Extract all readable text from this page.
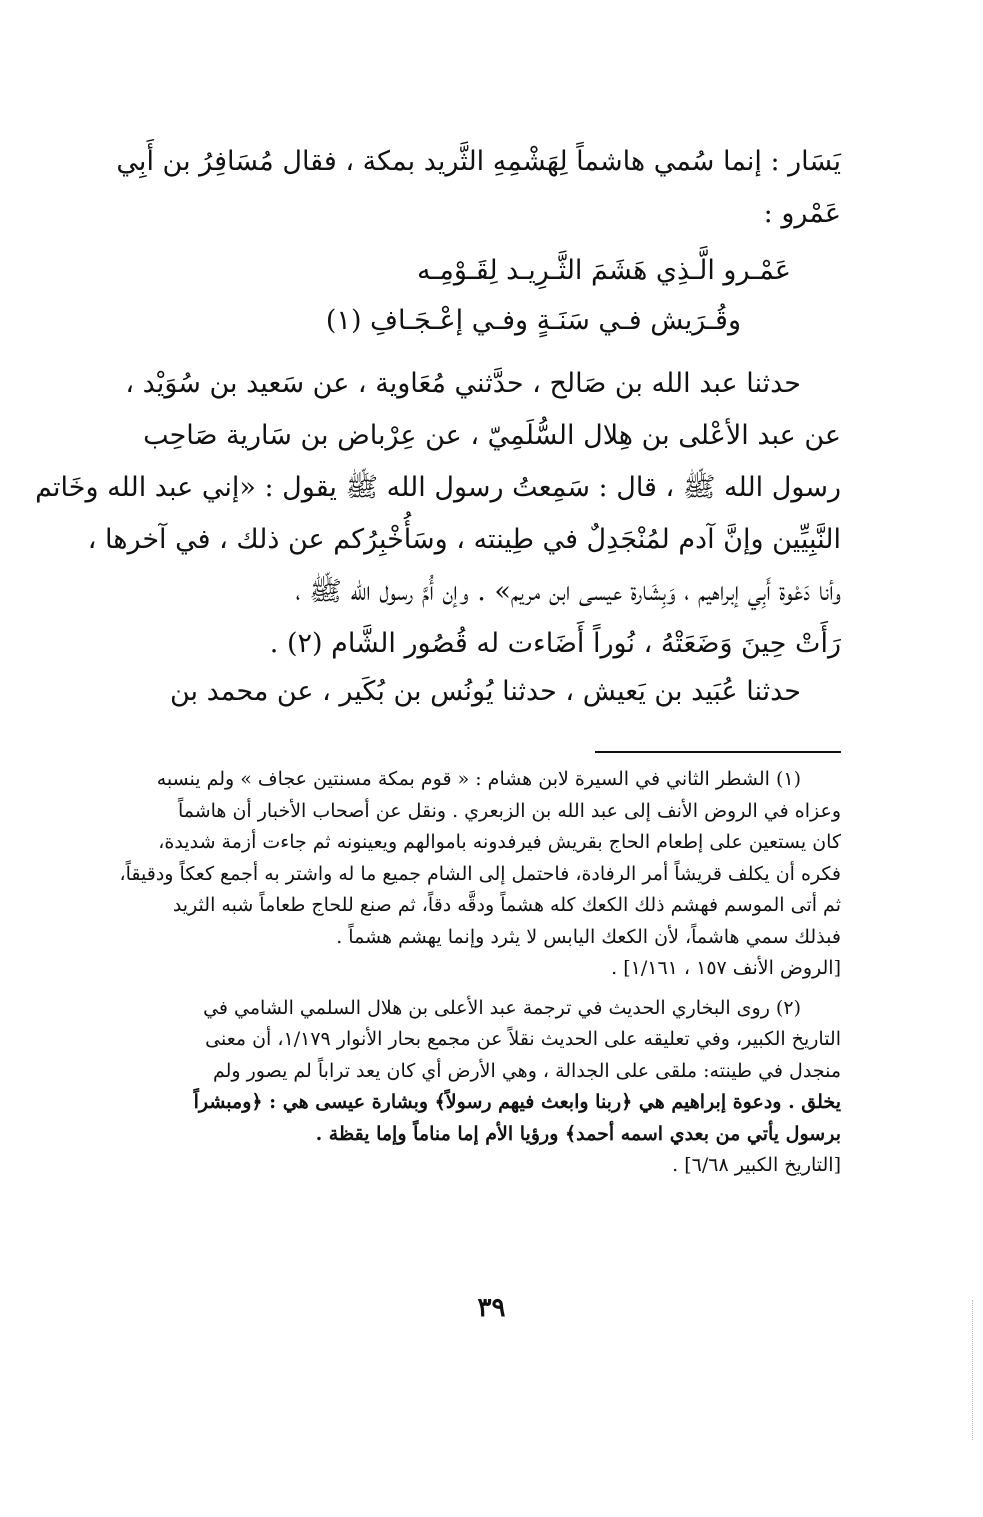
يَسَار : إنما سُمي هاشماً لِهَشْمِهِ الثَّريد بمكة ، فقال مُسَافِرُ بن أَبِي
عَمْرو :
عَمْـرو الَّـذِي هَشَمَ الثَّـرِيـد لِقَـوْمِـه
وقُـرَيش فـي سَنَـةٍ وفـي إعْـجَـافِ (١)
حدثنا عبد الله بن صَالح ، حدَّثني مُعَاوية ، عن سَعيد بن سُوَيْد ،
عن عبد الأعْلى بن هِلال السُّلَمِيّ ، عن عِرْباض بن سَارية صَاحِب
رسول الله ﷺ ، قال : سَمِعتُ رسول الله ﷺ يقول : «إني عبد الله وخَاتم
النَّبِيِّين وإنَّ آدم لمُنْجَدِلٌ في طِينته ، وسَأُخْبِرُكم عن ذلك ، في آخرها ،
وأنا دَعْوة أَبِي إبراهيم ، وَبِشَارة عيسى ابن مريم» . وإن أُمَّ رسول الله ﷺ ،
رَأَتْ حِينَ وَضَعَتْهُ ، نُوراً أَضَاءت له قُصُور الشَّام (٢) .
حدثنا عُبَيد بن يَعيش ، حدثنا يُونُس بن بُكَير ، عن محمد بن
(١) الشطر الثاني في السيرة لابن هشام : « قوم بمكة مسنتين عجاف » ولم ينسبه
وعزاه في الروض الأنف إلى عبد الله بن الزبعري . ونقل عن أصحاب الأخبار أن هاشماً
كان يستعين على إطعام الحاج بقريش فيرفدونه باموالهم ويعينونه ثم جاءت أزمة شديدة،
فكره أن يكلف قريشاً أمر الرفادة، فاحتمل إلى الشام جميع ما له واشتر به أجمع كعكاً ودقيقاً،
ثم أتى الموسم فهشم ذلك الكعك كله هشماً ودقَّه دقاً، ثم صنع للحاج طعاماً شبه الثريد
فبذلك سمي هاشماً، لأن الكعك اليابس لا يثرد وإنما يهشم هشماً .
[الروض الأنف ١٥٧ ، ١/١٦١] .
(٢) روى البخاري الحديث في ترجمة عبد الأعلى بن هلال السلمي الشامي في
التاريخ الكبير، وفي تعليقه على الحديث نقلاً عن مجمع بحار الأنوار ١/١٧٩، أن معنى
منجدل في طينته: ملقى على الجدالة ، وهي الأرض أي كان يعد تراباً لم يصور ولم
يخلق . ودعوة إبراهيم هي ﴿ربنا وابعث فيهم رسولاً﴾ وبشارة عيسى هي : ﴿ومبشراً
برسول يأتي من بعدي اسمه أحمد﴾ ورؤيا الأم إما مناماً وإما يقظة .
[التاريخ الكبير ٦/٦٨] .
٣٩
